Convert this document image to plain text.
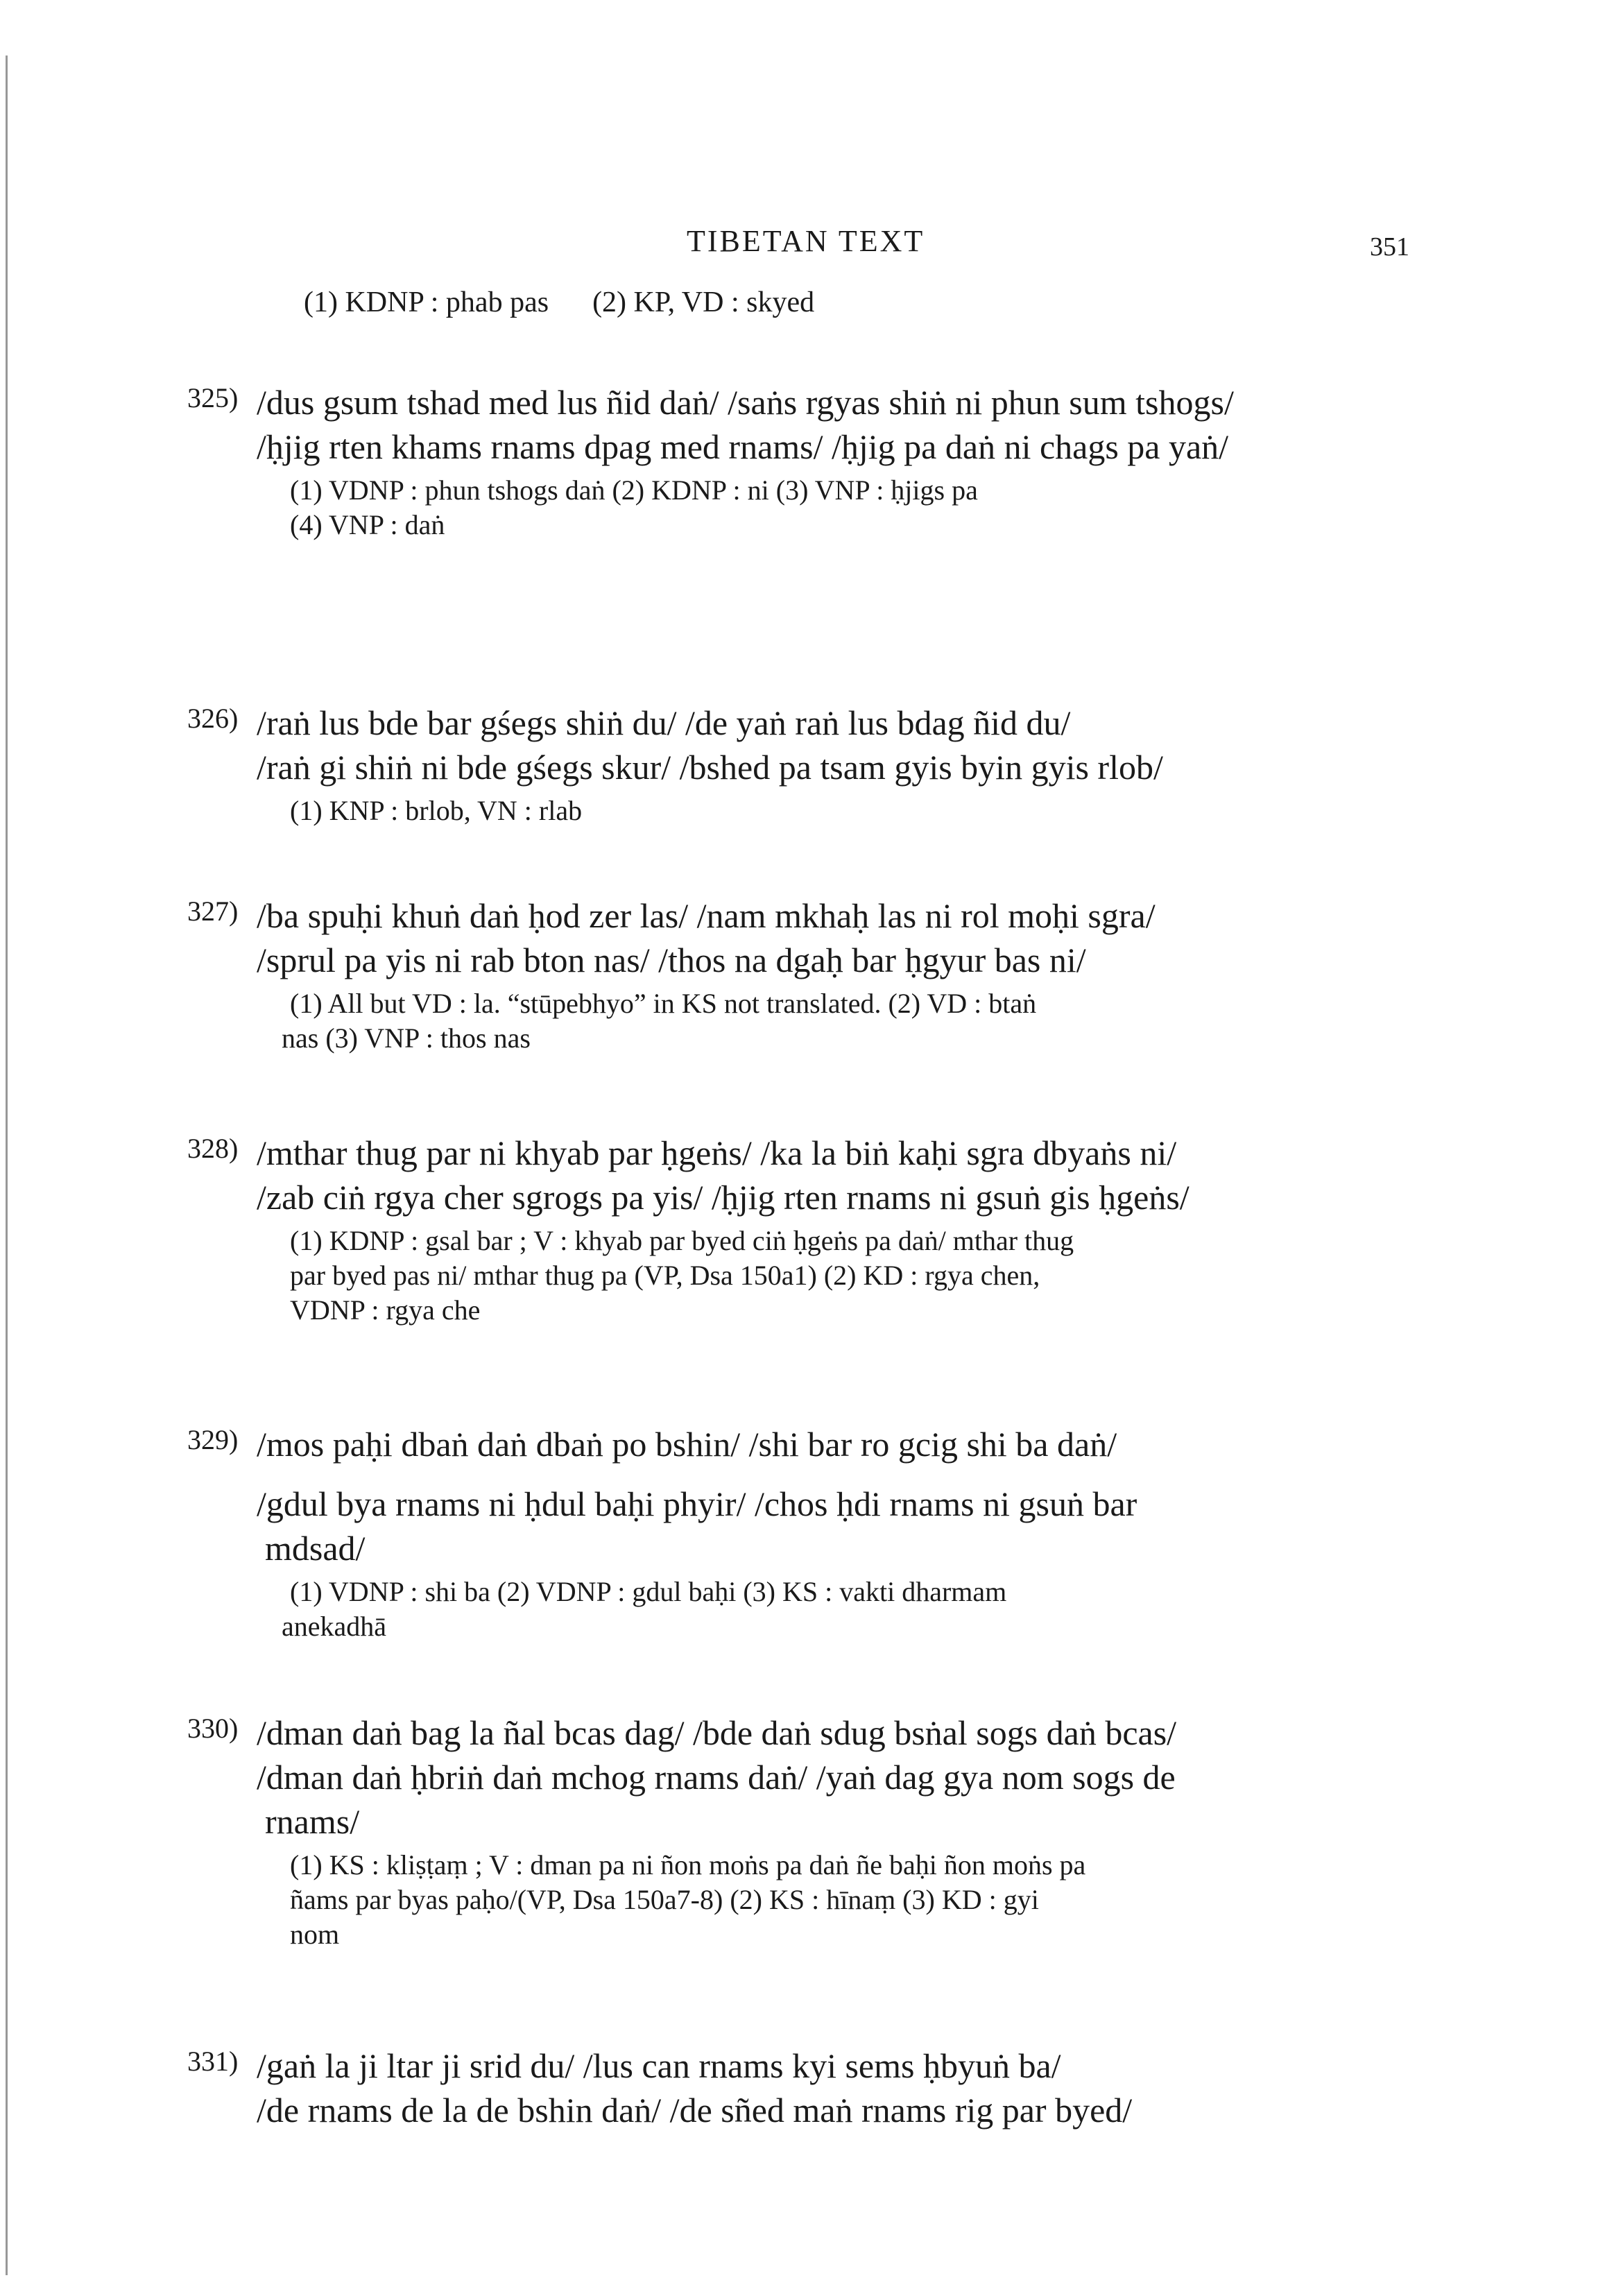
TIBETAN TEXT	351
(1) KDNP : phab pas      (2) KP, VD : skyed
325) /dus gsum tshad med lus ñid daṅ/ /saṅs rgyas shiṅ ni phun sum tshogs/
/ḥjig rten khams rnams dpag med rnams/ /ḥjig pa daṅ ni chags pa yaṅ/
(1) VDNP : phun tshogs daṅ (2) KDNP : ni (3) VNP : ḥjigs pa
(4) VNP : daṅ
326) /raṅ lus bde bar gśegs shiṅ du/ /de yaṅ raṅ lus bdag ñid du/
/raṅ gi shiṅ ni bde gśegs skur/ /bshed pa tsam gyis byin gyis rlob/
(1) KNP : brlob, VN : rlab
327) /ba spuḥi khuṅ daṅ ḥod zer las/ /nam mkhaḥ las ni rol moḥi sgra/
/sprul pa yis ni rab bton nas/ /thos na dgaḥ bar ḥgyur bas ni/
(1) All but VD : la. “stūpebhyo” in KS not translated. (2) VD : btaṅ
nas (3) VNP : thos nas
328) /mthar thug par ni khyab par ḥgeṅs/ /ka la biṅ kaḥi sgra dbyaṅs ni/
/zab ciṅ rgya cher sgrogs pa yis/ /ḥjig rten rnams ni gsuṅ gis ḥgeṅs/
(1) KDNP : gsal bar ; V : khyab par byed ciṅ ḥgeṅs pa daṅ/ mthar thug
par byed pas ni/ mthar thug pa (VP, Dsa 150a1) (2) KD : rgya chen,
VDNP : rgya che
329) /mos paḥi dbaṅ daṅ dbaṅ po bshin/ /shi bar ro gcig shi ba daṅ/
/gdul bya rnams ni ḥdul baḥi phyir/ /chos ḥdi rnams ni gsuṅ bar
mdsad/
(1) VDNP : shi ba (2) VDNP : gdul baḥi (3) KS : vakti dharmam
anekadhā
330) /dman daṅ bag la ñal bcas dag/ /bde daṅ sdug bsṅal sogs daṅ bcas/
/dman daṅ ḥbriṅ daṅ mchog rnams daṅ/ /yaṅ dag gya nom sogs de
rnams/
(1) KS : kliṣṭaṃ ; V : dman pa ni ñon moṅs pa daṅ ñe baḥi ñon moṅs pa
ñams par byas paḥo/(VP, Dsa 150a7-8) (2) KS : hīnaṃ (3) KD : gyi
nom
331) /gaṅ la ji ltar ji srid du/ /lus can rnams kyi sems ḥbyuṅ ba/
/de rnams de la de bshin daṅ/ /de sñed maṅ rnams rig par byed/
